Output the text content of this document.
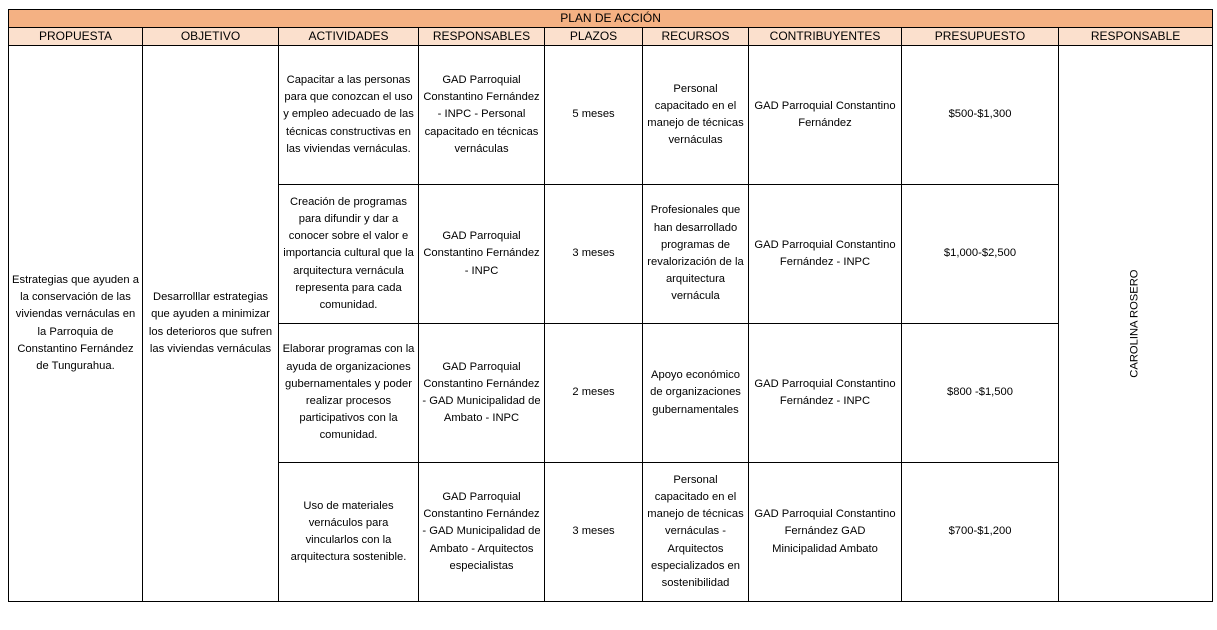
PLAN DE ACCIÓN								
PROPUESTA	OBJETIVO	ACTIVIDADES	RESPONSABLES	PLAZOS	RECURSOS	CONTRIBUYENTES	PRESUPUESTO	RESPONSABLE
Estrategias que ayuden a la conservación de las viviendas vernáculas en la Parroquia de Constantino Fernández de Tungurahua.	Desarrolllar estrategias que ayuden a minimizar los deterioros que sufren las viviendas vernáculas	Capacitar a las personas para que conozcan el uso y empleo adecuado de las técnicas constructivas en las viviendas vernáculas.	GAD Parroquial Constantino Fernández - INPC - Personal capacitado en técnicas vernáculas	5 meses	Personal capacitado en el manejo de técnicas vernáculas	GAD Parroquial Constantino Fernández	$500-$1,300	CAROLINA ROSERO
		Creación de programas para difundir y dar a conocer sobre el valor e importancia cultural que la arquitectura vernácula representa para cada comunidad.	GAD Parroquial Constantino Fernández - INPC	3 meses	Profesionales que han desarrollado programas de revalorización de la arquitectura vernácula	GAD Parroquial Constantino Fernández - INPC	$1,000-$2,500	
		Elaborar programas con la ayuda de organizaciones gubernamentales y poder realizar procesos participativos con la comunidad.	GAD Parroquial Constantino Fernández - GAD Municipalidad de Ambato - INPC	2 meses	Apoyo económico de organizaciones gubernamentales	GAD Parroquial Constantino Fernández - INPC	$800 -$1,500	
		Uso de materiales vernáculos para vincularlos con la arquitectura sostenible.	GAD Parroquial Constantino Fernández - GAD Municipalidad de Ambato - Arquitectos especialistas	3 meses	Personal capacitado en el manejo de técnicas vernáculas - Arquitectos especializados en sostenibilidad	GAD Parroquial Constantino Fernández GAD Minicipalidad Ambato	$700-$1,200	
